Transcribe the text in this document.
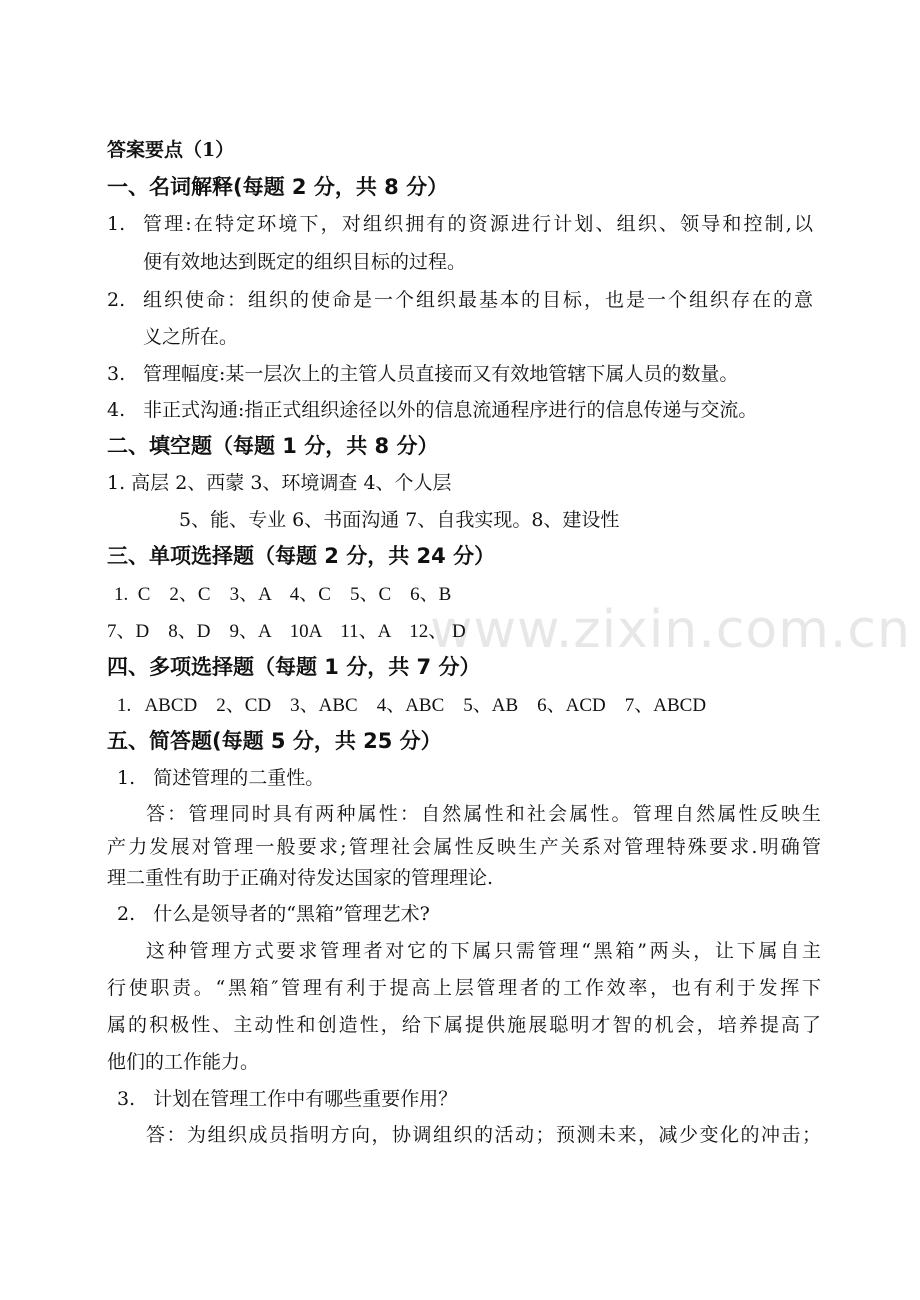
www.zixin.com.cn
答案要点（1）
一、名词解释(每题 2 分，共 8 分）
1. 管理:在特定环境下，对组织拥有的资源进行计划、组织、领导和控制,以
便有效地达到既定的组织目标的过程。
2. 组织使命：组织的使命是一个组织最基本的目标，也是一个组织存在的意
义之所在。
3. 管理幅度:某一层次上的主管人员直接而又有效地管辖下属人员的数量。
4. 非正式沟通:指正式组织途径以外的信息流通程序进行的信息传递与交流。
二、填空题（每题 1 分，共 8 分）
1. 高层 2、西蒙 3、环境调查 4、个人层
5、能、专业 6、书面沟通 7、自我实现。8、建设性
三、单项选择题（每题 2 分，共 24 分）
1.  C    2、C    3、A    4、C    5、C    6、B
7、D    8、D    9、A    10A    11、A    12、 D
四、多项选择题（每题 1 分，共 7 分）
1.   ABCD    2、CD    3、ABC    4、ABC    5、AB    6、ACD    7、ABCD
五、简答题(每题 5 分，共 25 分）
1.   简述管理的二重性。
答：管理同时具有两种属性：自然属性和社会属性。管理自然属性反映生
产力发展对管理一般要求;管理社会属性反映生产关系对管理特殊要求.明确管
理二重性有助于正确对待发达国家的管理理论.
2.   什么是领导者的“黑箱”管理艺术?
这种管理方式要求管理者对它的下属只需管理“黑箱”两头，让下属自主
行使职责。“黑箱″管理有利于提高上层管理者的工作效率，也有利于发挥下
属的积极性、主动性和创造性，给下属提供施展聪明才智的机会，培养提高了
他们的工作能力。
3.   计划在管理工作中有哪些重要作用？
答：为组织成员指明方向，协调组织的活动；预测未来，减少变化的冲击；
